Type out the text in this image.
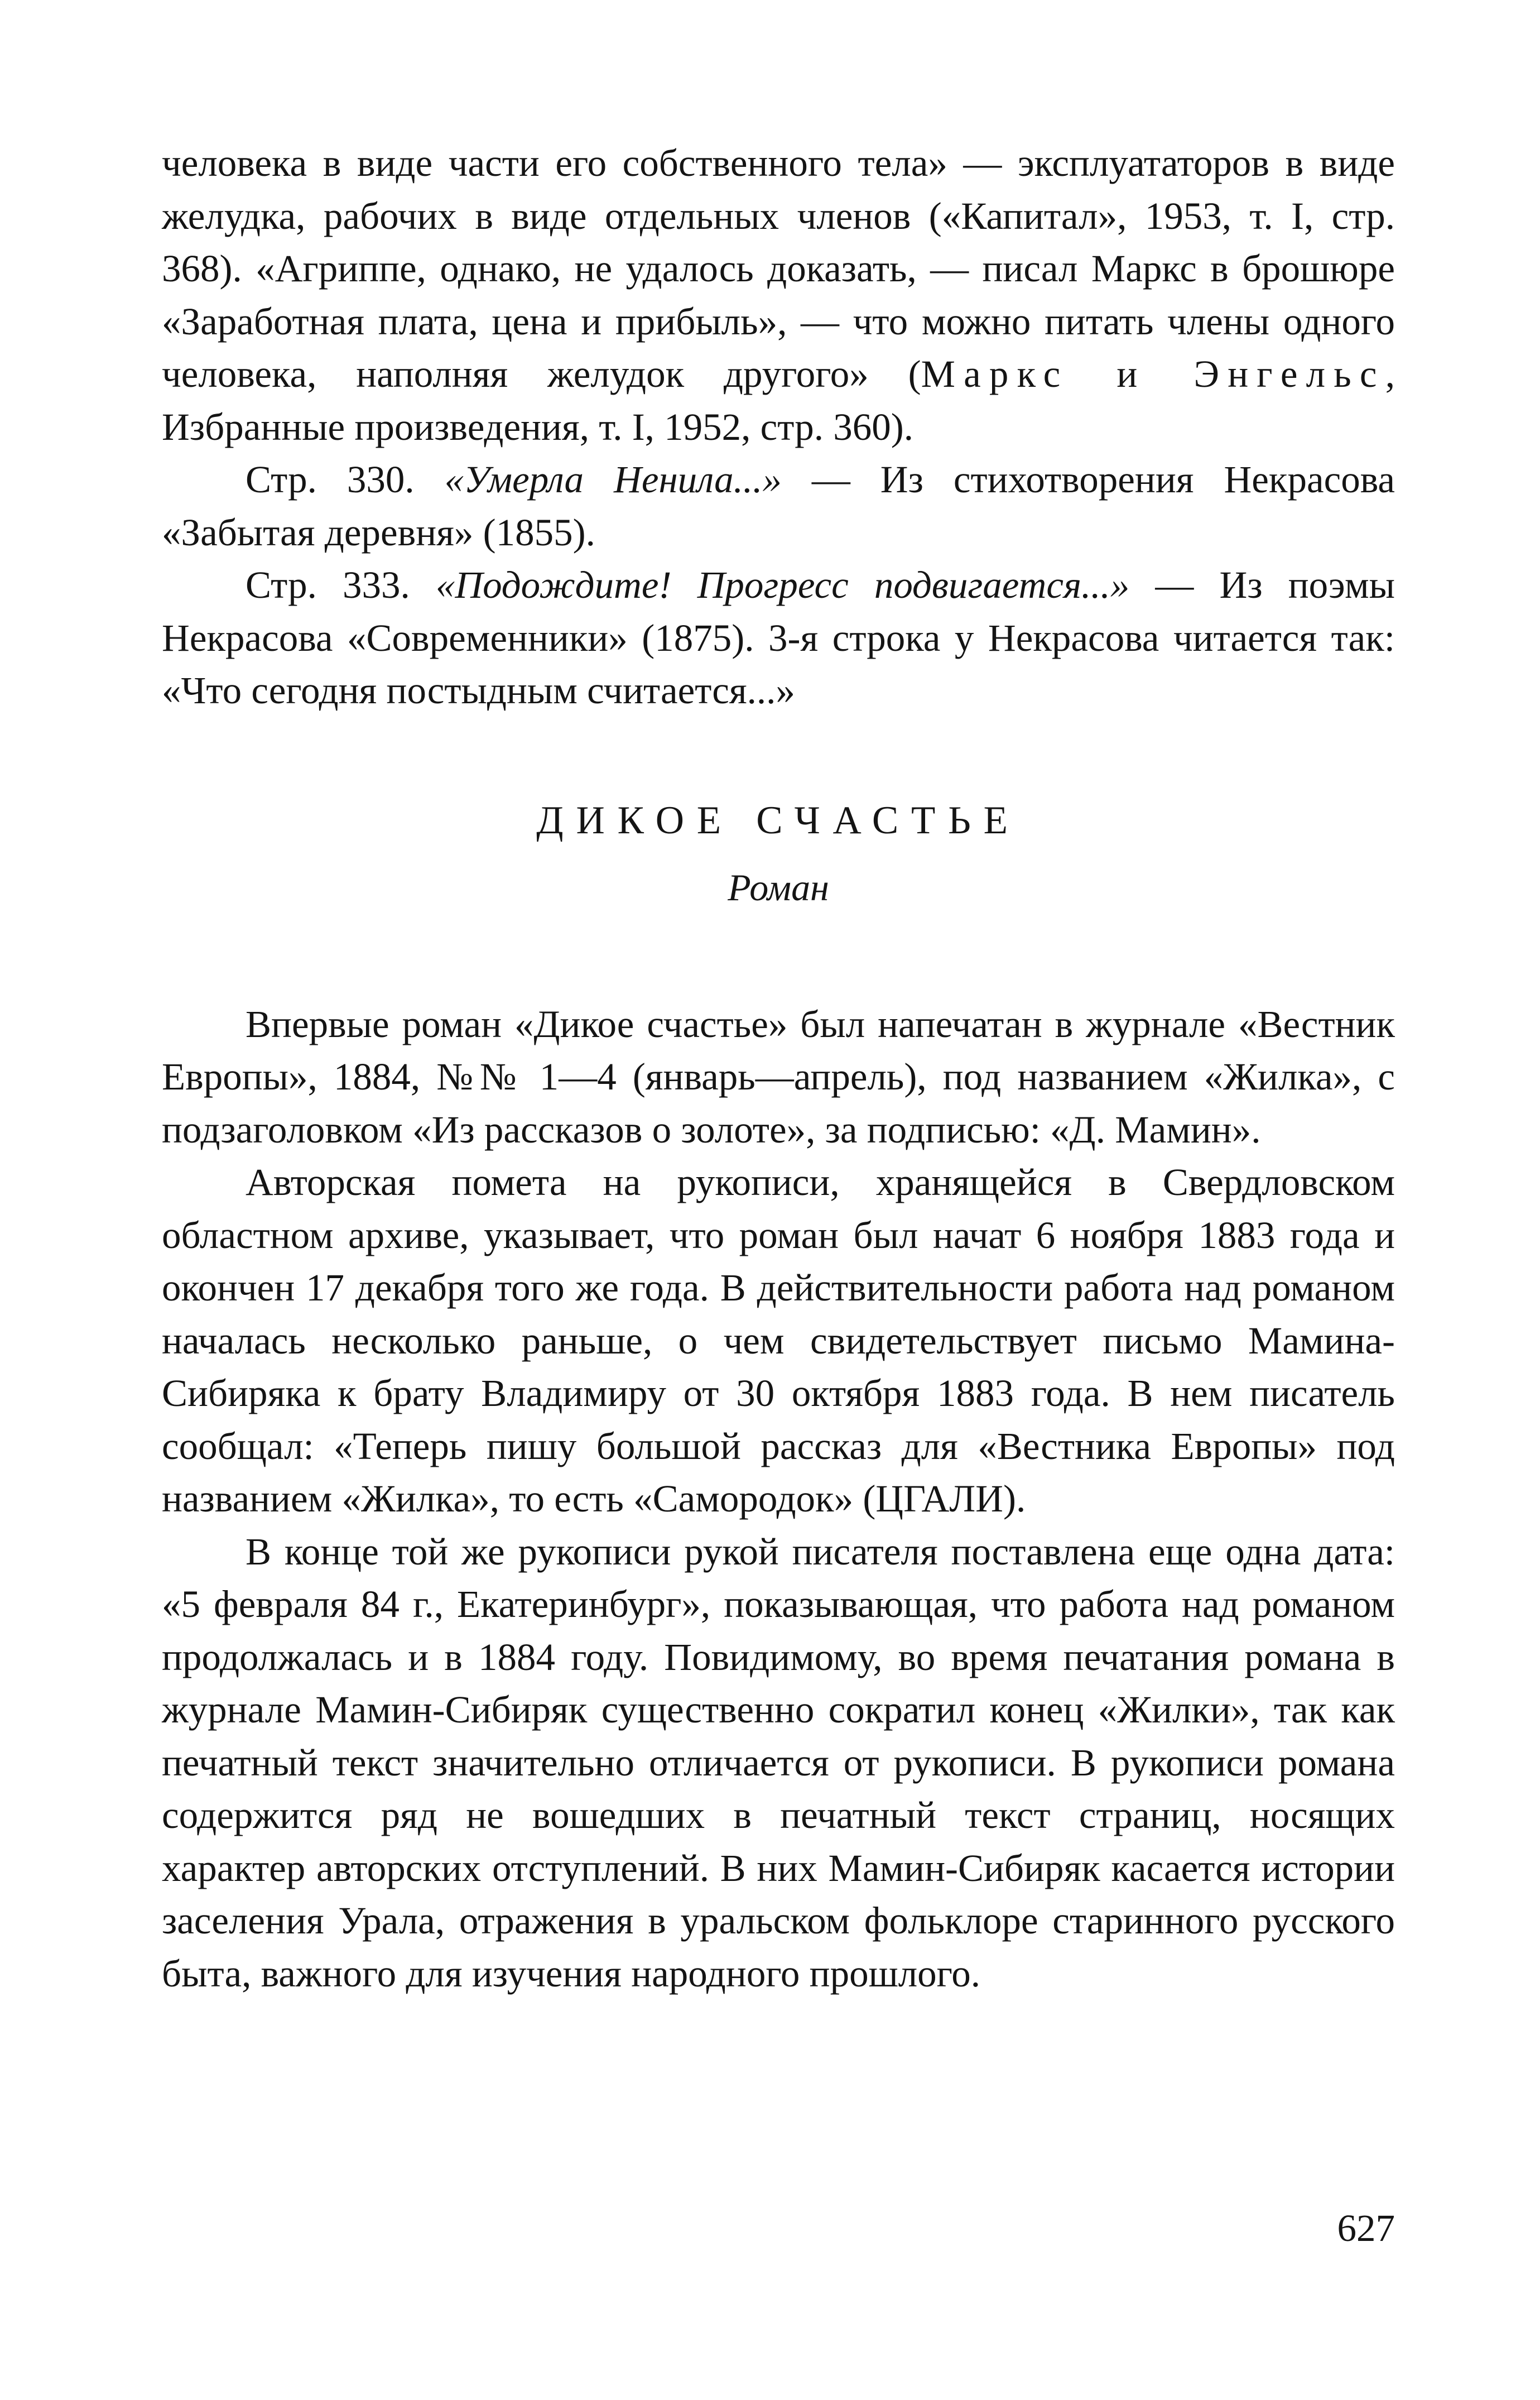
человека в виде части его собственного тела» — эксплуататоров в виде желудка, рабочих в виде отдельных членов («Капитал», 1953, т. I, стр. 368). «Агриппе, однако, не удалось доказать, — писал Маркс в брошюре «Заработная плата, цена и прибыль», — что можно питать члены одного человека, наполняя желудок другого» (Маркс и Энгельс, Избранные произведения, т. I, 1952, стр. 360).

Стр. 330. «Умерла Ненила...» — Из стихотворения Некрасова «Забытая деревня» (1855).

Стр. 333. «Подождите! Прогресс подвигается...» — Из поэмы Некрасова «Современники» (1875). 3-я строка у Некрасова читается так: «Что сегодня постыдным считается...»

ДИКОЕ СЧАСТЬЕ
Роман

Впервые роман «Дикое счастье» был напечатан в журнале «Вестник Европы», 1884, №№ 1—4 (январь—апрель), под названием «Жилка», с подзаголовком «Из рассказов о золоте», за подписью: «Д. Мамин».

Авторская помета на рукописи, хранящейся в Свердловском областном архиве, указывает, что роман был начат 6 ноября 1883 года и окончен 17 декабря того же года. В действительности работа над романом началась несколько раньше, о чем свидетельствует письмо Мамина-Сибиряка к брату Владимиру от 30 октября 1883 года. В нем писатель сообщал: «Теперь пишу большой рассказ для «Вестника Европы» под названием «Жилка», то есть «Самородок» (ЦГАЛИ).

В конце той же рукописи рукой писателя поставлена еще одна дата: «5 февраля 84 г., Екатеринбург», показывающая, что работа над романом продолжалась и в 1884 году. Повидимому, во время печатания романа в журнале Мамин-Сибиряк существенно сократил конец «Жилки», так как печатный текст значительно отличается от рукописи. В рукописи романа содержится ряд не вошедших в печатный текст страниц, носящих характер авторских отступлений. В них Мамин-Сибиряк касается истории заселения Урала, отражения в уральском фольклоре старинного русского быта, важного для изучения народного прошлого.

627
